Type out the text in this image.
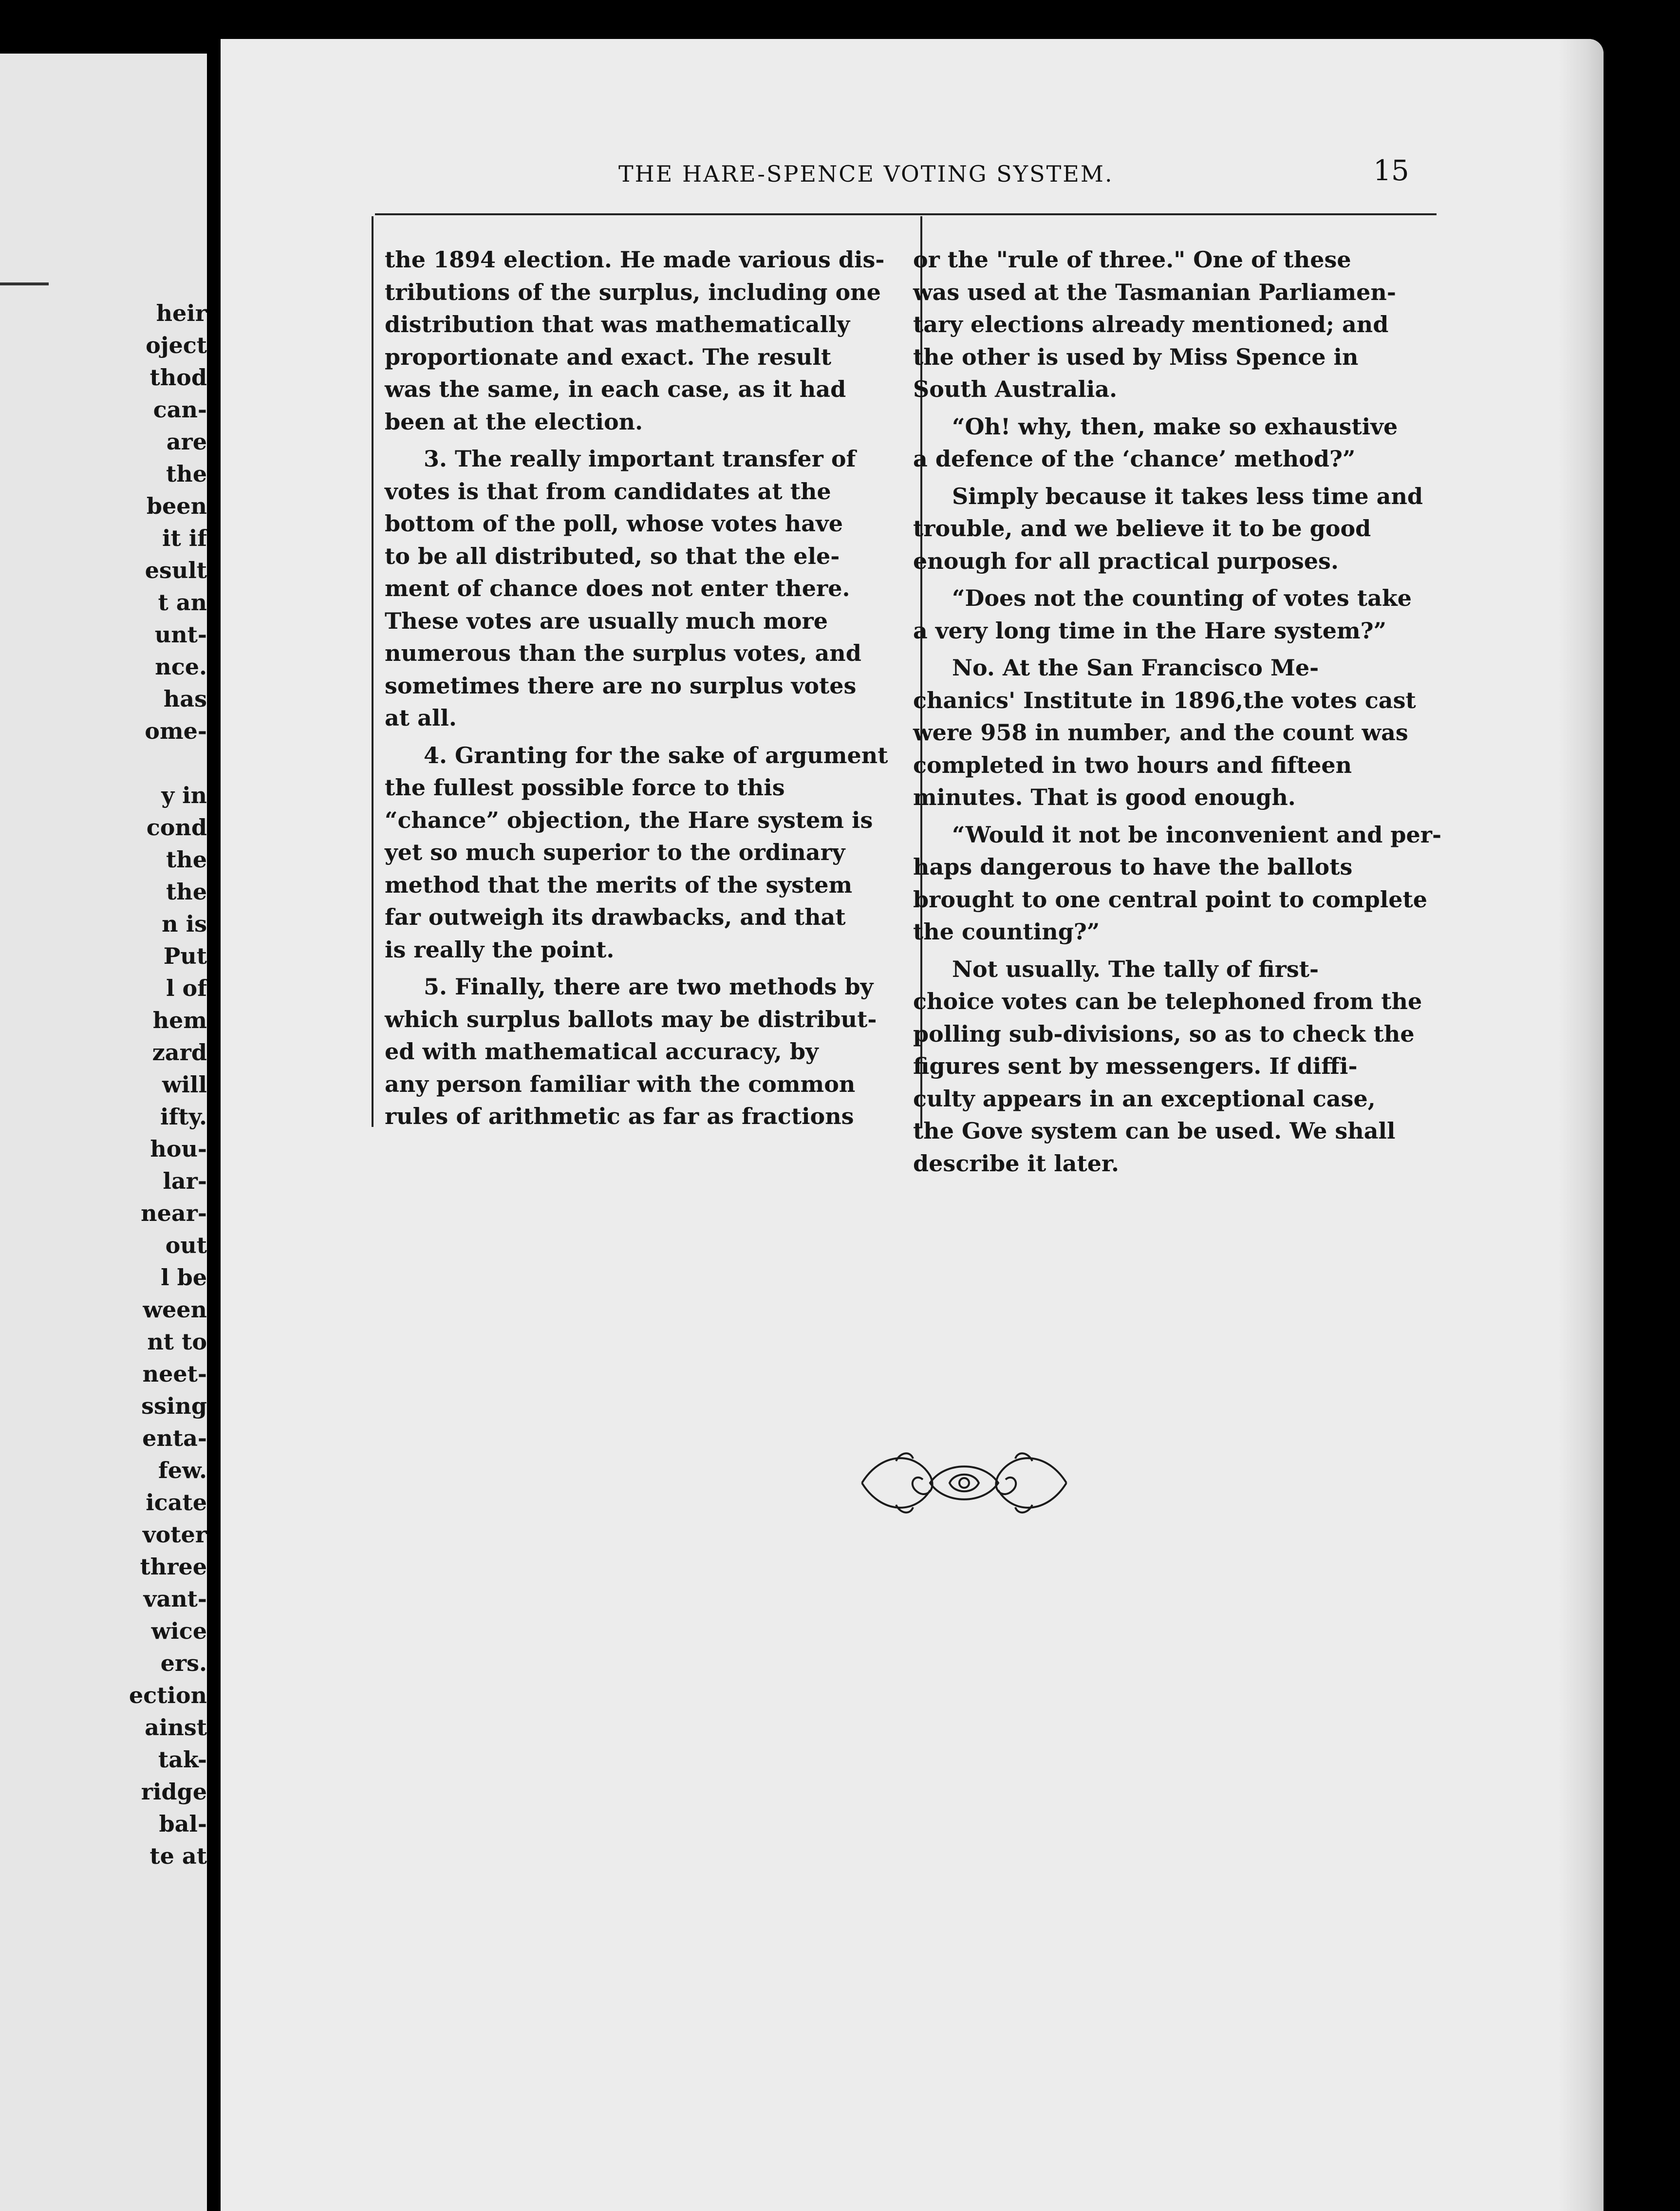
heir
oject
thod
can-
are
the
been
it if
esult
t an
unt-
nce.
has
ome-

y in
cond
the
the
n is
Put
l of
hem
zard
will
ifty.
hou-
lar-
near-
out
l be
ween
nt to
neet-
ssing
enta-
few.
icate
voter
three
vant-
wice
ers.
ection
ainst
tak-
ridge
bal-
te at
THE HARE-SPENCE VOTING SYSTEM.	15
the 1894 election. He made various dis-
tributions of the surplus, including one
distribution that was mathematically
proportionate and exact. The result
was the same, in each case, as it had
been at the election.
3. The really important transfer of
votes is that from candidates at the
bottom of the poll, whose votes have
to be all distributed, so that the ele-
ment of chance does not enter there.
These votes are usually much more
numerous than the surplus votes, and
sometimes there are no surplus votes
at all.
4. Granting for the sake of argument
the fullest possible force to this
“chance” objection, the Hare system is
yet so much superior to the ordinary
method that the merits of the system
far outweigh its drawbacks, and that
is really the point.
5. Finally, there are two methods by
which surplus ballots may be distribut-
ed with mathematical accuracy, by
any person familiar with the common
rules of arithmetic as far as fractions
or the "rule of three." One of these
was used at the Tasmanian Parliamen-
tary elections already mentioned; and
the other is used by Miss Spence in
South Australia.
“Oh! why, then, make so exhaustive
a defence of the ‘chance’ method?”
Simply because it takes less time and
trouble, and we believe it to be good
enough for all practical purposes.
“Does not the counting of votes take
a very long time in the Hare system?”
No. At the San Francisco Me-
chanics' Institute in 1896,the votes cast
were 958 in number, and the count was
completed in two hours and fifteen
minutes. That is good enough.
“Would it not be inconvenient and per-
haps dangerous to have the ballots
brought to one central point to complete
the counting?”
Not usually. The tally of first-
choice votes can be telephoned from the
polling sub-divisions, so as to check the
figures sent by messengers. If diffi-
culty appears in an exceptional case,
the Gove system can be used. We shall
describe it later.
